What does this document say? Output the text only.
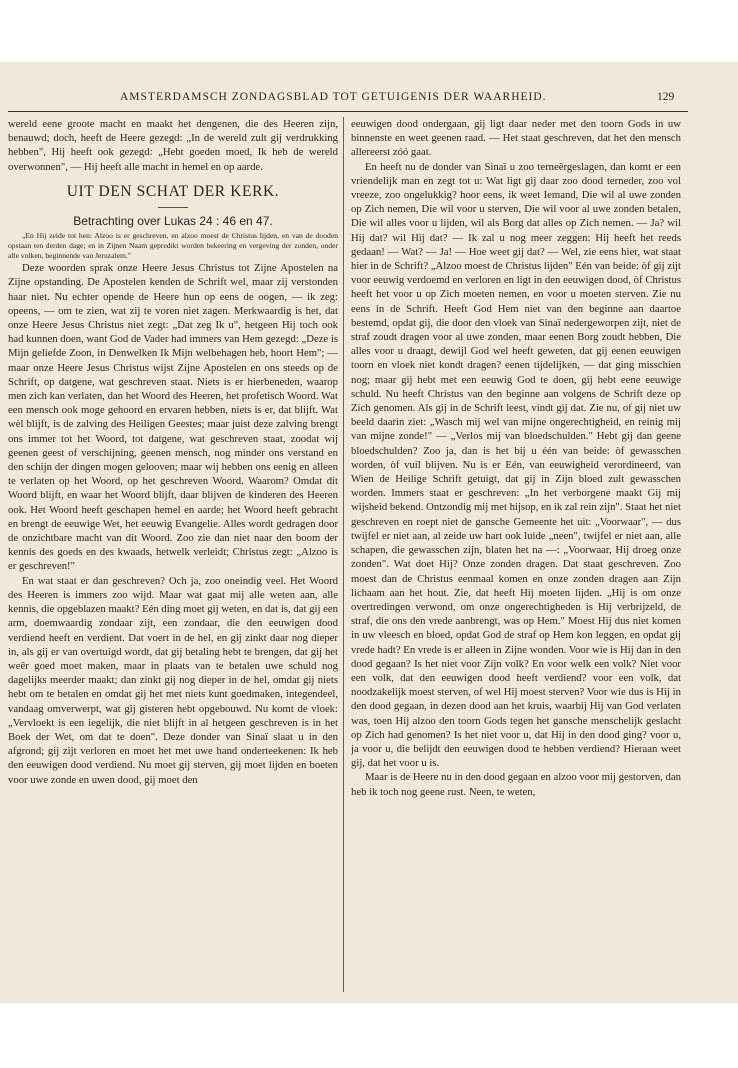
AMSTERDAMSCH ZONDAGSBLAD TOT GETUIGENIS DER WAARHEID.	129

wereld eene groote macht en maakt het dengenen, die des Heeren zijn, benauwd; doch, heeft de Heere gezegd: „In de wereld zult gij verdrukking hebben", Hij heeft ook gezegd: „Hebt goeden moed, Ik heb de wereld overwonnen", — Hij heeft alle macht in hemel en op aarde.

UIT DEN SCHAT DER KERK.
Betrachting over Lukas 24 : 46 en 47.

„En Hij zeide tot hen: Alzoo is er geschreven, en alzoo moest de Christus lijden, en van de dooden opstaan ten derden dage; en in Zijnen Naam gepredikt worden bekeering en vergeving der zonden, onder alle volken, beginnende van Jeruzalem."

Deze woorden sprak onze Heere Jesus Christus tot Zijne Apostelen na Zijne opstanding. De Apostelen kenden de Schrift wel, maar zij verstonden haar niet. Nu echter opende de Heere hun op eens de oogen, — ik zeg: opeens, — om te zien, wat zij te voren niet zagen. Merkwaardig is het, dat onze Heere Jesus Christus niet zegt: „Dat zeg Ik u", hetgeen Hij toch ook had kunnen doen, want God de Vader had immers van Hem gezegd: „Deze is Mijn geliefde Zoon, in Denwelken Ik Mijn welbehagen heb, hoort Hem"; — maar onze Heere Jesus Christus wijst Zijne Apostelen en ons steeds op de Schrift, op datgene, wat geschreven staat. Niets is er hierbeneden, waarop men zich kan verlaten, dan het Woord des Heeren, het profetisch Woord. Wat een mensch ook moge gehoord en ervaren hebben, niets is er, dat blijft. Wat wèl blijft, is de zalving des Heiligen Geestes; maar juist deze zalving brengt ons immer tot het Woord, tot datgene, wat geschreven staat, zoodat wij geenen geest of verschijning, geenen mensch, nog minder ons verstand en den schijn der dingen mogen gelooven; maar wij hebben ons eenig en alleen te verlaten op het Woord, op het geschreven Woord. Waarom? Omdat dit Woord blijft, en waar het Woord blijft, daar blijven de kinderen des Heeren ook. Het Woord heeft geschapen hemel en aarde; het Woord heeft gebracht en brengt de eeuwige Wet, het eeuwig Evangelie. Alles wordt gedragen door de onzichtbare macht van dit Woord. Zoo zie dan niet naar den boom der kennis des goeds en des kwaads, hetwelk verleidt; Christus zegt: „Alzoo is er geschreven!"

En wat staat er dan geschreven? Och ja, zoo oneindig veel. Het Woord des Heeren is immers zoo wijd. Maar wat gaat mij alle weten aan, alle kennis, die opgeblazen maakt? Eén ding moet gij weten, en dat is, dat gij een arm, doemwaardig zondaar zijt, een zondaar, die den eeuwigen dood verdiend heeft en verdient. Dat voert in de hel, en gij zinkt daar nog dieper in, als gij er van overtuigd wordt, dat gij betaling hebt te brengen, dat gij het weêr goed moet maken, maar in plaats van te betalen uwe schuld nog dagelijks meerder maakt; dan zinkt gij nog dieper in de hel, omdat gij niets hebt om te betalen en omdat gij het met niets kunt goedmaken, integendeel, vandaag omverwerpt, wat gij gisteren hebt opgebouwd. Nu komt de vloek: „Vervloekt is een iegelijk, die niet blijft in al hetgeen geschreven is in het Boek der Wet, om dat te doen". Deze donder van Sinaï slaat u in den afgrond; gij zijt verloren en moet het met uwe hand onderteekenen: Ik heb den eeuwigen dood verdiend. Nu moet gij sterven, gij moet lijden en boeten voor uwe zonde en uwen dood, gij moet den

eeuwigen dood ondergaan, gij ligt daar neder met den toorn Gods in uw binnenste en weet geenen raad. — Het staat geschreven, dat het den mensch allereerst zóó gaat.

En heeft nu de donder van Sinaï u zoo terneêrgeslagen, dan komt er een vriendelijk man en zegt tot u: Wat ligt gij daar zoo dood terneder, zoo vol vreeze, zoo ongelukkig? hoor eens, ik weet Iemand, Die wil al uwe zonden op Zich nemen, Die wil voor u sterven, Die wil voor al uwe zonden betalen, Die wil alles voor u lijden, wil als Borg dat alles op Zich nemen. — Ja? wil Hij dat? wil Hij dat? — Ik zal u nog meer zeggen: Hij heeft het reeds gedaan! — Wat? — Ja! — Hoe weet gij dat? — Wel, zie eens hier, wat staat hier in de Schrift? „Alzoo moest de Christus lijden" Eén van beide: òf gij zijt voor eeuwig verdoemd en verloren en ligt in den eeuwigen dood, òf Christus heeft het voor u op Zich moeten nemen, en voor u moeten sterven. Zie nu eens in de Schrift. Heeft God Hem niet van den beginne aan daartoe bestemd, opdat gij, die door den vloek van Sinaï nedergeworpen zijt, niet de straf zoudt dragen voor al uwe zonden, maar eenen Borg zoudt hebben, Die alles voor u draagt, dewijl God wel heeft geweten, dat gij eenen eeuwigen toorn en vloek niet kondt dragen? eenen tijdelijken, — dat ging misschien nog; maar gij hebt met een eeuwig God te doen, gij hebt eene eeuwige schuld. Nu heeft Christus van den beginne aan volgens de Schrift deze op Zich genomen. Als gij in de Schrift leest, vindt gij dat. Zie nu, of gij niet uw beeld daarin ziet: „Wasch mij wel van mijne ongerechtigheid, en reinig mij van mijne zonde!" — „Verlos mij van bloedschulden." Hebt gij dan geene bloedschulden? Zoo ja, dan is het bij u één van beide: òf gewasschen worden, òf vuil blijven. Nu is er Eén, van eeuwigheid verordineerd, van Wien de Heilige Schrift getuigt, dat gij in Zijn bloed zult gewasschen worden. Immers staat er geschreven: „In het verborgene maakt Gij mij wijsheid bekend. Ontzondig mij met hijsop, en ik zal rein zijn". Staat het niet geschreven en roept niet de gansche Gemeente het uit: „Voorwaar", — dus twijfel er niet aan, al zeide uw hart ook luide „neen", twijfel er niet aan, alle schapen, die gewasschen zijn, blaten het na —: „Voorwaar, Hij droeg onze zonden". Wat doet Hij? Onze zonden dragen. Dat staat geschreven. Zoo moest dan de Christus eenmaal komen en onze zonden dragen aan Zijn lichaam aan het hout. Zie, dat heeft Hij moeten lijden. „Hij is om onze overtredingen verwond, om onze ongerechtigheden is Hij verbrijzeld, de straf, die ons den vrede aanbrengt, was op Hem." Moest Hij dus niet komen in uw vleesch en bloed, opdat God de straf op Hem kon leggen, en opdat gij vrede hadt? En vrede is er alleen in Zijne wonden. Voor wie is Hij dan in den dood gegaan? Is het niet voor Zijn volk? En voor welk een volk? Niet voor een volk, dat den eeuwigen dood heeft verdiend? voor een volk, dat noodzakelijk moest sterven, of wel Hij moest sterven? Voor wie dus is Hij in den dood gegaan, in dezen dood aan het kruis, waarbij Hij van God verlaten was, toen Hij alzoo den toorn Gods tegen het gansche menschelijk geslacht op Zich had genomen? Is het niet voor u, dat Hij in den dood ging? voor u, ja voor u, die belijdt den eeuwigen dood te hebben verdiend? Hieraan weet gij, dat het voor u is.

Maar is de Heere nu in den dood gegaan en alzoo voor mij gestorven, dan heb ik toch nog geene rust. Neen, te weten,
